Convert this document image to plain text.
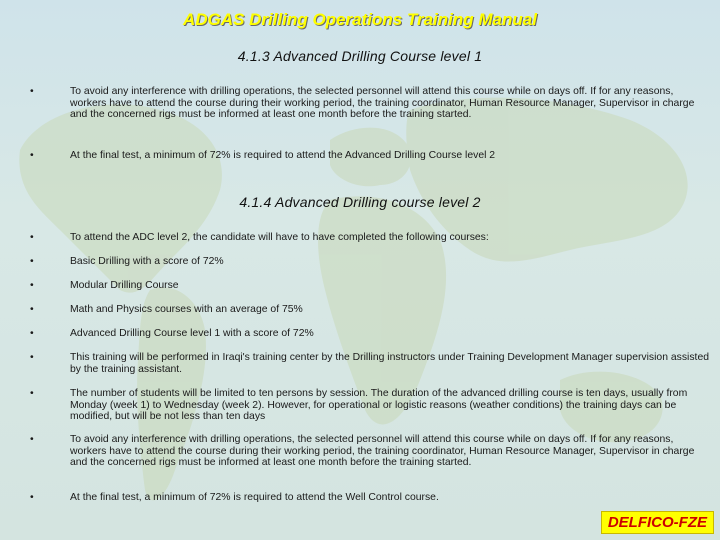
ADGAS Drilling Operations Training Manual
4.1.3 Advanced Drilling Course level 1
•	To avoid any interference with drilling operations, the selected personnel will attend this course while on days off. If for any reasons, workers have to attend the course during their working period, the training coordinator, Human Resource Manager, Supervisor in charge and the concerned rigs must be informed at least one month before the training started.
•	At the final test, a minimum of 72% is required to attend the Advanced Drilling Course level 2
4.1.4 Advanced Drilling course level 2
•	To attend the ADC level 2, the candidate will have to have completed the following courses:
•	Basic Drilling with a score of 72%
•	Modular Drilling Course
•	Math and Physics courses with an average of 75%
•	Advanced Drilling Course level 1 with a score of 72%
•	This training will be performed in Iraqi's training center by the Drilling instructors under Training Development Manager supervision assisted by the training assistant.
•	The number of students will be limited to ten persons by session. The duration of the advanced drilling course is ten days, usually from Monday (week 1) to Wednesday (week 2). However, for operational or logistic reasons (weather conditions) the training days can be modified, but will be not less than ten days
•	To avoid any interference with drilling operations, the selected personnel will attend this course while on days off. If for any reasons, workers have to attend the course during their working period, the training coordinator, Human Resource Manager, Supervisor in charge and the concerned rigs must be informed at least one month before the training started.
•	At the final test, a minimum of 72% is required to attend the Well Control course.
DELFICO-FZE
